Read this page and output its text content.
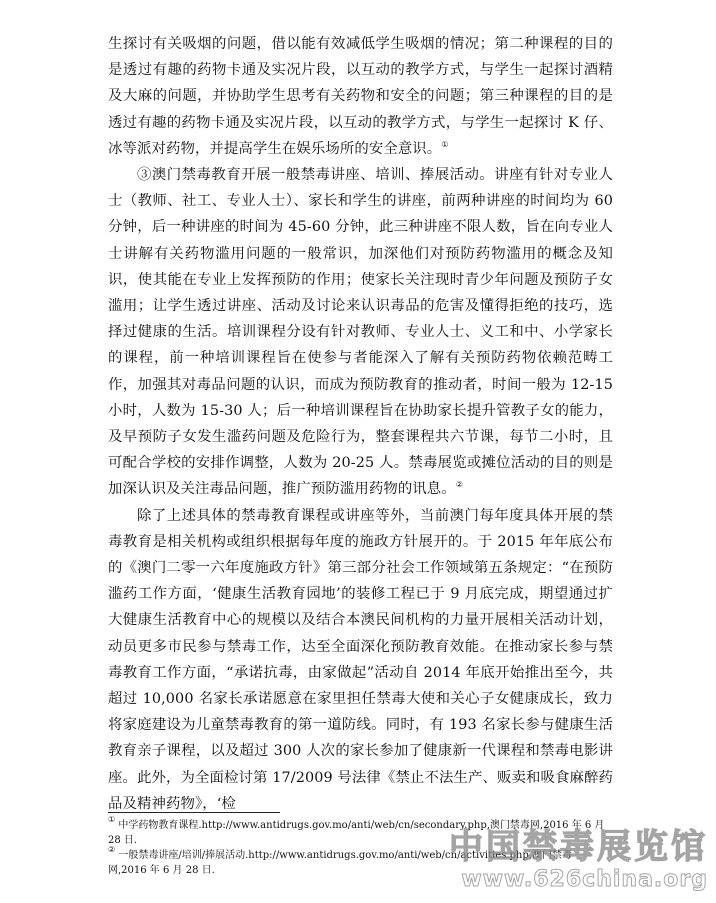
生探讨有关吸烟的问题，借以能有效减低学生吸烟的情况；第二种课程的目的是透过有趣的药物卡通及实况片段，以互动的教学方式，与学生一起探讨酒精及大麻的问题，并协助学生思考有关药物和安全的问题；第三种课程的目的是透过有趣的药物卡通及实况片段，以互动的教学方式，与学生一起探讨 K 仔、冰等派对药物，并提高学生在娱乐场所的安全意识。①

③澳门禁毒教育开展一般禁毒讲座、培训、捧展活动。讲座有针对专业人士（教师、社工、专业人士）、家长和学生的讲座，前两种讲座的时间均为 60 分钟，后一种讲座的时间为 45-60 分钟，此三种讲座不限人数，旨在向专业人士讲解有关药物滥用问题的一般常识，加深他们对预防药物滥用的概念及知识，使其能在专业上发挥预防的作用；使家长关注现时青少年问题及预防子女滥用；让学生透过讲座、活动及讨论来认识毒品的危害及懂得拒绝的技巧，选择过健康的生活。培训课程分设有针对教师、专业人士、义工和中、小学家长的课程，前一种培训课程旨在使参与者能深入了解有关预防药物依赖范畴工作，加强其对毒品问题的认识，而成为预防教育的推动者，时间一般为 12-15 小时，人数为 15-30 人；后一种培训课程旨在协助家长提升管教子女的能力，及早预防子女发生滥药问题及危险行为，整套课程共六节课，每节二小时，且可配合学校的安排作调整，人数为 20-25 人。禁毒展览或摊位活动的目的则是加深认识及关注毒品问题，推广预防滥用药物的讯息。②

除了上述具体的禁毒教育课程或讲座等外，当前澳门每年度具体开展的禁毒教育是相关机构或组织根据每年度的施政方针展开的。于 2015 年年底公布的《澳门二零一六年度施政方针》第三部分社会工作领域第五条规定：“在预防滥药工作方面，‘健康生活教育园地’的装修工程已于 9 月底完成，期望通过扩大健康生活教育中心的规模以及结合本澳民间机构的力量开展相关活动计划，动员更多市民参与禁毒工作，达至全面深化预防教育效能。在推动家长参与禁毒教育工作方面，“承诺抗毒，由家做起”活动自 2014 年底开始推出至今，共超过 10,000 名家长承诺愿意在家里担任禁毒大使和关心子女健康成长，致力将家庭建设为儿童禁毒教育的第一道防线。同时，有 193 名家长参与健康生活教育亲子课程，以及超过 300 人次的家长参加了健康新一代课程和禁毒电影讲座。此外，为全面检讨第 17/2009 号法律《禁止不法生产、贩卖和吸食麻醉药品及精神药物》，‘检

① 中学药物教育课程.http://www.antidrugs.gov.mo/anti/web/cn/secondary.php,澳门禁毒网,2016 年 6 月 28 日.

② 一般禁毒讲座/培训/捧展活动.http://www.antidrugs.gov.mo/anti/web/cn/activities.php,澳门禁毒网,2016 年 6 月 28 日.

中国禁毒展览馆
www.626china.org
